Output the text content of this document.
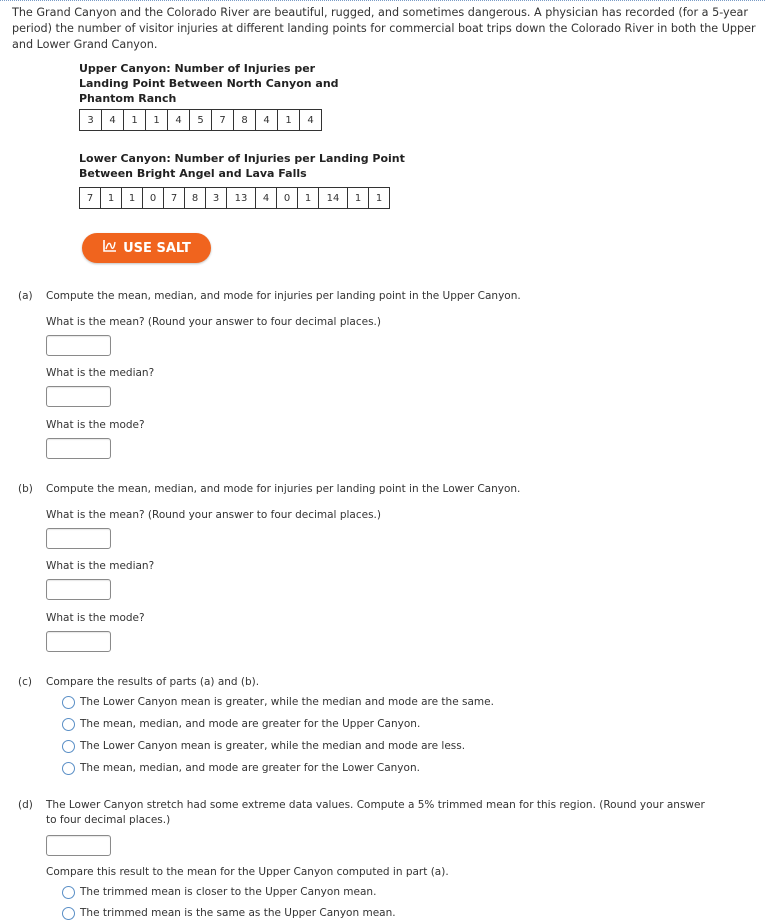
The Grand Canyon and the Colorado River are beautiful, rugged, and sometimes dangerous. A physician has recorded (for a 5-year period) the number of visitor injuries at different landing points for commercial boat trips down the Colorado River in both the Upper and Lower Grand Canyon.
Upper Canyon: Number of Injuries per Landing Point Between North Canyon and Phantom Ranch
3	4	1	1	4	5	7	8	4	1	4
Lower Canyon: Number of Injuries per Landing Point Between Bright Angel and Lava Falls
7	1	1	0	7	8	3	13	4	0	1	14	1	1
USE SALT
(a) Compute the mean, median, and mode for injuries per landing point in the Upper Canyon.
What is the mean? (Round your answer to four decimal places.)
What is the median?
What is the mode?
(b) Compute the mean, median, and mode for injuries per landing point in the Lower Canyon.
What is the mean? (Round your answer to four decimal places.)
What is the median?
What is the mode?
(c) Compare the results of parts (a) and (b).
The Lower Canyon mean is greater, while the median and mode are the same.
The mean, median, and mode are greater for the Upper Canyon.
The Lower Canyon mean is greater, while the median and mode are less.
The mean, median, and mode are greater for the Lower Canyon.
(d) The Lower Canyon stretch had some extreme data values. Compute a 5% trimmed mean for this region. (Round your answer
to four decimal places.)
Compare this result to the mean for the Upper Canyon computed in part (a).
The trimmed mean is closer to the Upper Canyon mean.
The trimmed mean is the same as the Upper Canyon mean.
